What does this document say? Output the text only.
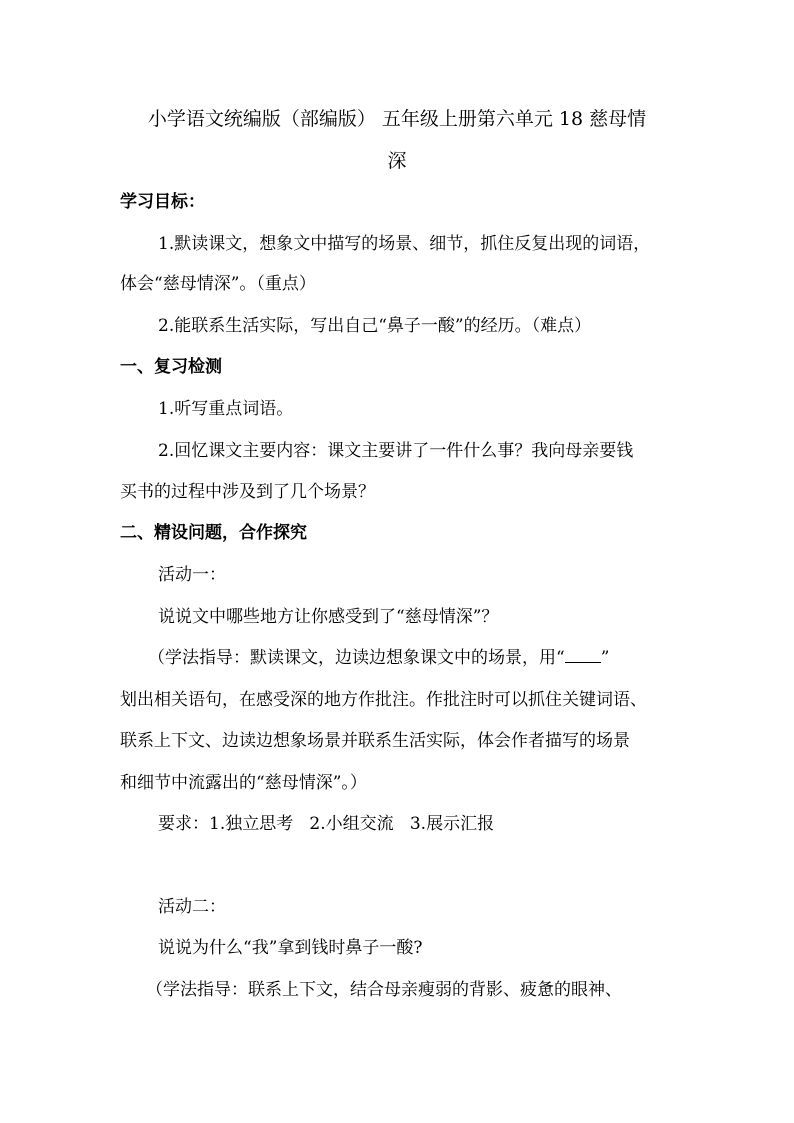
小学语文统编版（部编版） 五年级上册第六单元 18 慈母情
深
学习目标：
1.默读课文，想象文中描写的场景、细节，抓住反复出现的词语，
体会“慈母情深”。（重点）
2.能联系生活实际，写出自己“鼻子一酸”的经历。（难点）
一、复习检测
1.听写重点词语。
2.回忆课文主要内容：课文主要讲了一件什么事？我向母亲要钱
买书的过程中涉及到了几个场景？
二、精设问题，合作探究
活动一：
说说文中哪些地方让你感受到了“慈母情深”？
（学法指导：默读课文，边读边想象课文中的场景，用“ ”
划出相关语句，在感受深的地方作批注。作批注时可以抓住关键词语、
联系上下文、边读边想象场景并联系生活实际，体会作者描写的场景
和细节中流露出的“慈母情深”。）
要求：1.独立思考   2.小组交流   3.展示汇报
活动二：
说说为什么“我”拿到钱时鼻子一酸?
（学法指导：联系上下文，结合母亲瘦弱的背影、疲惫的眼神、
